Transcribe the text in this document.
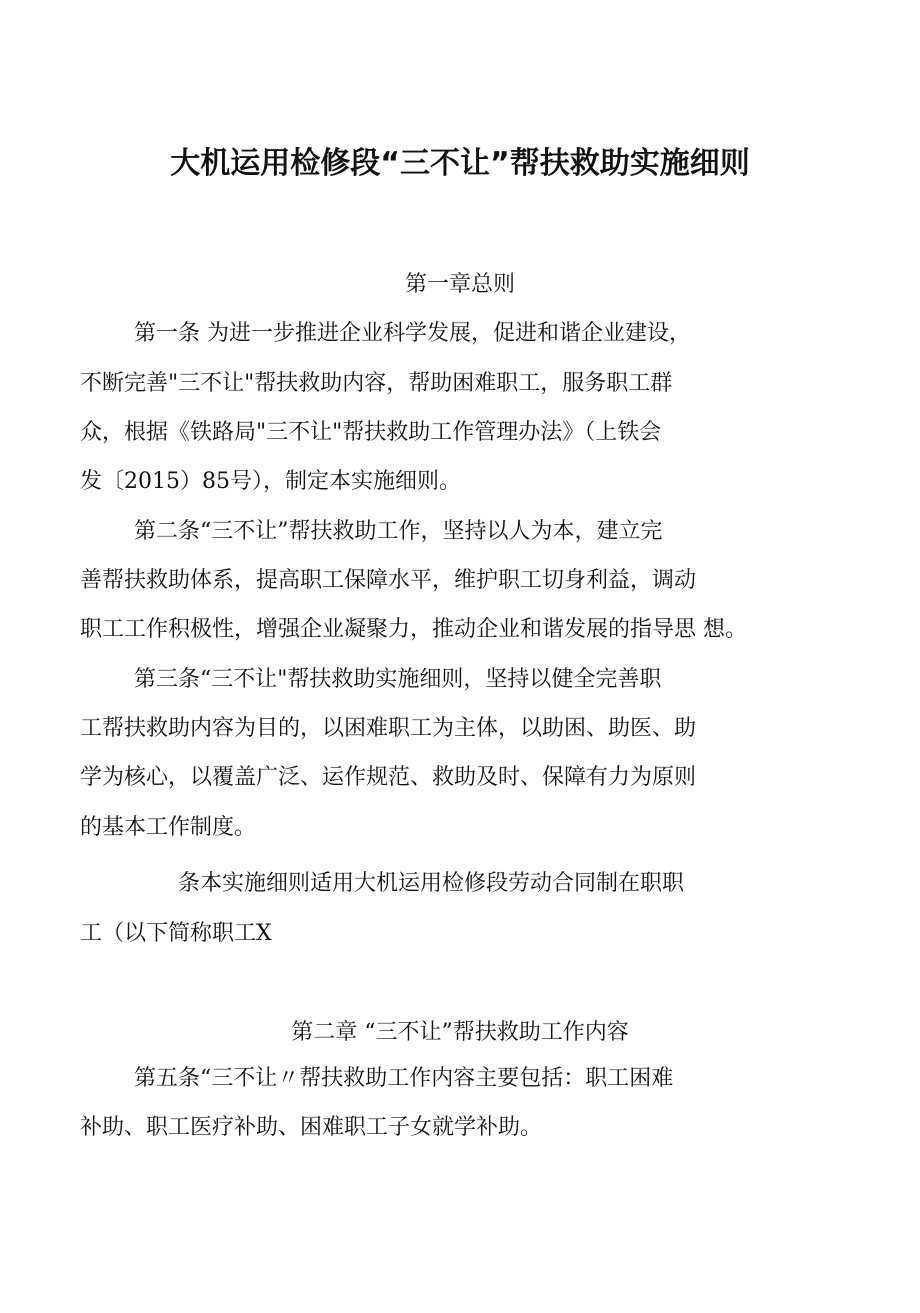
大机运用检修段“三不让”帮扶救助实施细则
第一章总则
第一条 为进一步推进企业科学发展，促进和谐企业建设，
不断完善"三不让"帮扶救助内容，帮助困难职工，服务职工群
众，根据《铁路局"三不让"帮扶救助工作管理办法》（上铁会
发〔2015）85号），制定本实施细则。
第二条“三不让”帮扶救助工作，坚持以人为本，建立完
善帮扶救助体系，提高职工保障水平，维护职工切身利益，调动
职工工作积极性，增强企业凝聚力，推动企业和谐发展的指导思 想。
第三条“三不让"帮扶救助实施细则，坚持以健全完善职
工帮扶救助内容为目的，以困难职工为主体，以助困、助医、助
学为核心，以覆盖广泛、运作规范、救助及时、保障有力为原则
的基本工作制度。
条本实施细则适用大机运用检修段劳动合同制在职职
工（以下简称职工X
第二章 “三不让”帮扶救助工作内容
第五条“三不让〃帮扶救助工作内容主要包括：职工困难
补助、职工医疗补助、困难职工子女就学补助。
